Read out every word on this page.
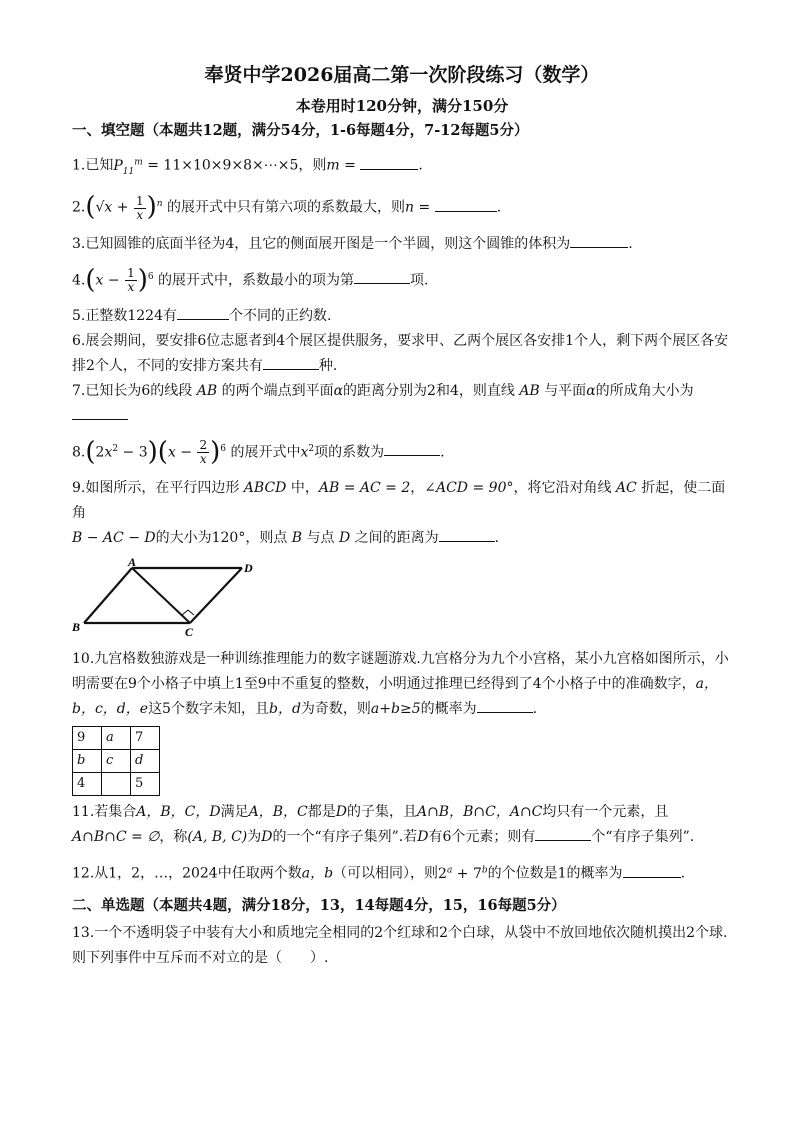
奉贤中学2026届高二第一次阶段练习（数学）
本卷用时120分钟，满分150分
一、填空题（本题共12题，满分54分，1-6每题4分，7-12每题5分）
1.已知$P_{11}^m$ = 11×10×9×8×⋯×5，则m =	.
$2.(√x + \frac{1}{x} )^n$ 的展开式中只有第六项的系数最大，则n =	.
3.已知圆锥的底面半径为4，且它的侧面展开图是一个半圆，则这个圆锥的体积为	.
$4.(x - \frac{1}{x} )^6$ 的展开式中，系数最小的项为第	项.
5.正整数1224有	个不同的正约数.
6.展会期间，要安排6位志愿者到4个展区提供服务，要求甲、乙两个展区各安排1个人，剩下两个展区各安排2个人，不同的安排方案共有	种.
7.已知长为6的线段 AB 的两个端点到平面α的距离分别为2和4，则直线 AB 与平面α的所成角大小为

$8.(2x^2 - 3)(x - \frac{2}{x} )^6$ 的展开式中$x^2$项的系数为	.
9.如图所示，在平行四边形 ABCD 中，AB = AC = 2，∠ACD = 90°，将它沿对角线 AC 折起，使二面角
B − AC − D的大小为120°，则点 B 与点 D 之间的距离为	.
A
B	C
D
10.九宫格数独游戏是一种训练推理能力的数字谜题游戏.九宫格分为九个小宫格，某小九宫格如图所示，小明需要在9个小格子中填上1至9中不重复的整数，小明通过推理已经得到了4个小格子中的准确数字，a，b，c，d，e这5个数字未知，且b，d为奇数，则a+b≥5的概率为	.
9	a	7
b	c	d
4		5
11.若集合A，B，C，D满足A，B，C都是D的子集，且A∩B，B∩C，A∩C均只有一个元素，且
A∩B∩C = ∅，称(A, B, C)为D的一个“有序子集列”.若D有6个元素；则有	个“有序子集列”.
12.从1，2，…，2024中任取两个数a，b（可以相同），则$2^a + 7^b$的个位数是1的概率为	.
二、单选题（本题共4题，满分18分，13，14每题4分，15，16每题5分）
13.一个不透明袋子中装有大小和质地完全相同的2个红球和2个白球，从袋中不放回地依次随机摸出2个球.则下列事件中互斥而不对立的是（　　）.
